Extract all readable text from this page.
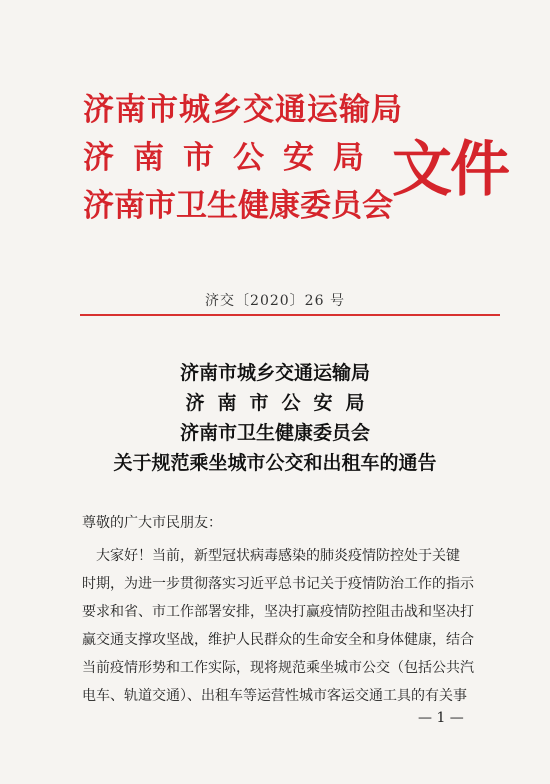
济南市城乡交通运输局
济南市公安局
济南市卫生健康委员会
文件
济交〔2020〕26 号
济南市城乡交通运输局
济南市公安局
济南市卫生健康委员会
关于规范乘坐城市公交和出租车的通告
尊敬的广大市民朋友：
大家好！当前，新型冠状病毒感染的肺炎疫情防控处于关键
时期，为进一步贯彻落实习近平总书记关于疫情防治工作的指示
要求和省、市工作部署安排，坚决打赢疫情防控阻击战和坚决打
赢交通支撑攻坚战，维护人民群众的生命安全和身体健康，结合
当前疫情形势和工作实际，现将规范乘坐城市公交（包括公共汽
电车、轨道交通）、出租车等运营性城市客运交通工具的有关事
— 1 —
